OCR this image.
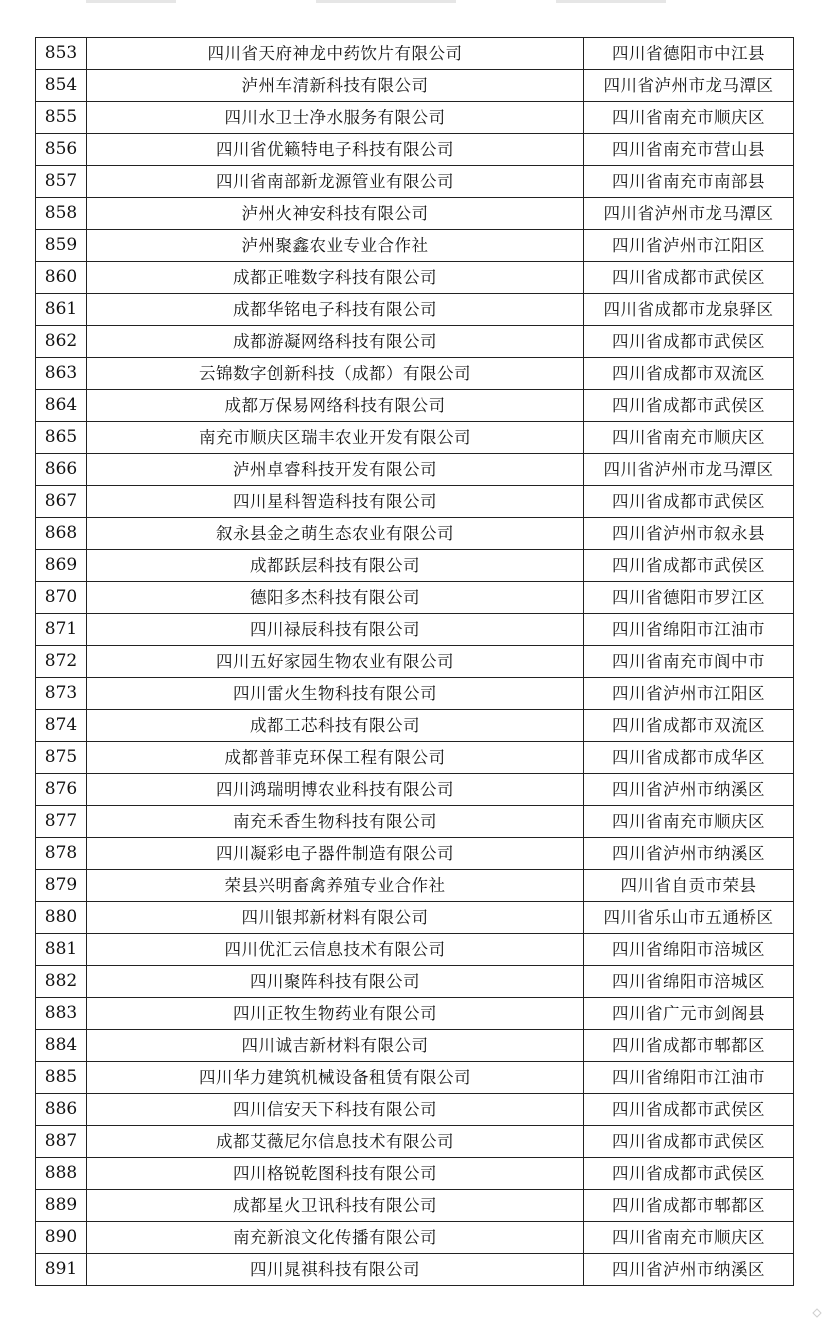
853	四川省天府神龙中药饮片有限公司	四川省德阳市中江县
854	泸州车清新科技有限公司	四川省泸州市龙马潭区
855	四川水卫士净水服务有限公司	四川省南充市顺庆区
856	四川省优籁特电子科技有限公司	四川省南充市营山县
857	四川省南部新龙源管业有限公司	四川省南充市南部县
858	泸州火神安科技有限公司	四川省泸州市龙马潭区
859	泸州聚鑫农业专业合作社	四川省泸州市江阳区
860	成都正唯数字科技有限公司	四川省成都市武侯区
861	成都华铭电子科技有限公司	四川省成都市龙泉驿区
862	成都游凝网络科技有限公司	四川省成都市武侯区
863	云锦数字创新科技（成都）有限公司	四川省成都市双流区
864	成都万保易网络科技有限公司	四川省成都市武侯区
865	南充市顺庆区瑞丰农业开发有限公司	四川省南充市顺庆区
866	泸州卓睿科技开发有限公司	四川省泸州市龙马潭区
867	四川星科智造科技有限公司	四川省成都市武侯区
868	叙永县金之萌生态农业有限公司	四川省泸州市叙永县
869	成都跃层科技有限公司	四川省成都市武侯区
870	德阳多杰科技有限公司	四川省德阳市罗江区
871	四川禄辰科技有限公司	四川省绵阳市江油市
872	四川五好家园生物农业有限公司	四川省南充市阆中市
873	四川雷火生物科技有限公司	四川省泸州市江阳区
874	成都工芯科技有限公司	四川省成都市双流区
875	成都普菲克环保工程有限公司	四川省成都市成华区
876	四川鸿瑞明博农业科技有限公司	四川省泸州市纳溪区
877	南充禾香生物科技有限公司	四川省南充市顺庆区
878	四川凝彩电子器件制造有限公司	四川省泸州市纳溪区
879	荣县兴明畜禽养殖专业合作社	四川省自贡市荣县
880	四川银邦新材料有限公司	四川省乐山市五通桥区
881	四川优汇云信息技术有限公司	四川省绵阳市涪城区
882	四川聚阵科技有限公司	四川省绵阳市涪城区
883	四川正牧生物药业有限公司	四川省广元市剑阁县
884	四川诚吉新材料有限公司	四川省成都市郫都区
885	四川华力建筑机械设备租赁有限公司	四川省绵阳市江油市
886	四川信安天下科技有限公司	四川省成都市武侯区
887	成都艾薇尼尔信息技术有限公司	四川省成都市武侯区
888	四川格锐乾图科技有限公司	四川省成都市武侯区
889	成都星火卫讯科技有限公司	四川省成都市郫都区
890	南充新浪文化传播有限公司	四川省南充市顺庆区
891	四川晁祺科技有限公司	四川省泸州市纳溪区
